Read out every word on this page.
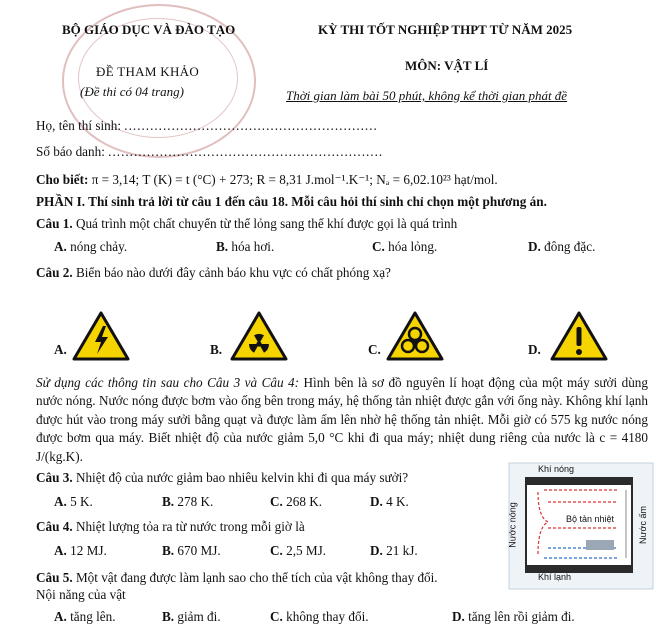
BỘ GIÁO DỤC VÀ ĐÀO TẠO
ĐỀ THAM KHẢO
(Đề thi có 04 trang)
KỲ THI TỐT NGHIỆP THPT TỪ NĂM 2025
MÔN: VẬT LÍ
Thời gian làm bài 50 phút, không kể thời gian phát đề
Họ, tên thí sinh: ...........................................................
Số báo danh: ................................................................
Cho biết: π = 3,14; T (K) = t (°C) + 273; R = 8,31 J.mol⁻¹.K⁻¹; Nₐ = 6,02.10²³ hạt/mol.
PHẦN I. Thí sinh trả lời từ câu 1 đến câu 18. Mỗi câu hỏi thí sinh chỉ chọn một phương án.
Câu 1. Quá trình một chất chuyển từ thể lỏng sang thể khí được gọi là quá trình
A. nóng chảy.	B. hóa hơi.	C. hóa lỏng.	D. đông đặc.
Câu 2. Biển báo nào dưới đây cảnh báo khu vực có chất phóng xạ?
A.	B.	C.	D.
Sử dụng các thông tin sau cho Câu 3 và Câu 4: Hình bên là sơ đồ nguyên lí hoạt động của một máy sưởi dùng nước nóng. Nước nóng được bơm vào ống bên trong máy, hệ thống tản nhiệt được gắn với ống này. Không khí lạnh được hút vào trong máy sưởi bằng quạt và được làm ấm lên nhờ hệ thống tản nhiệt. Mỗi giờ có 575 kg nước nóng được bơm qua máy. Biết nhiệt độ của nước giảm 5,0 °C khi đi qua máy; nhiệt dung riêng của nước là c = 4180 J/(kg.K).
Câu 3. Nhiệt độ của nước giảm bao nhiêu kelvin khi đi qua máy sưởi?
A. 5 K.	B. 278 K.	C. 268 K.	D. 4 K.
Câu 4. Nhiệt lượng tỏa ra từ nước trong mỗi giờ là
A. 12 MJ.	B. 670 MJ.	C. 2,5 MJ.	D. 21 kJ.
Câu 5. Một vật đang được làm lạnh sao cho thể tích của vật không thay đổi.
Nội năng của vật
A. tăng lên.	B. giảm đi.	C. không thay đổi.	D. tăng lên rồi giảm đi.
Khí nóng
Bộ tản nhiệt
Khí lạnh
Nước nóng	Nước ấm
